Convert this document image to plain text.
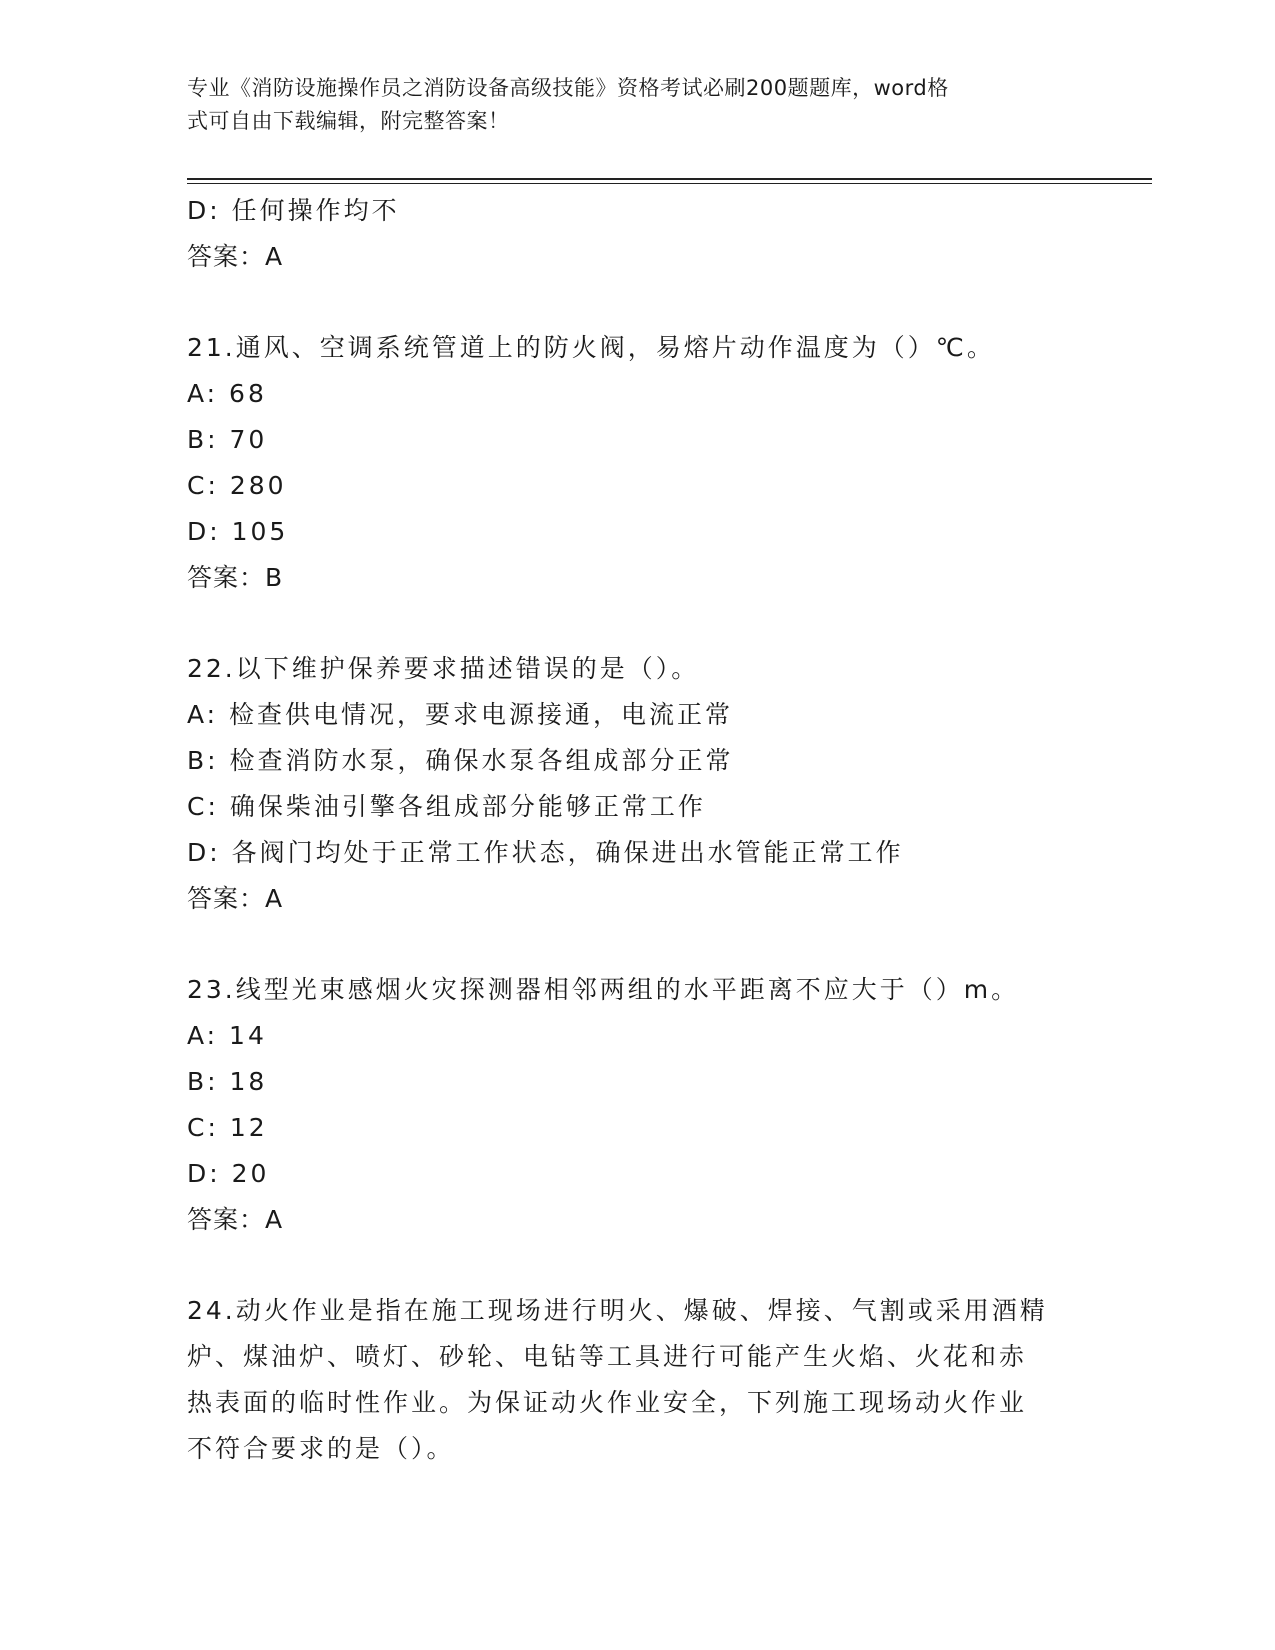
专业《消防设施操作员之消防设备高级技能》资格考试必刷200题题库，word格
式可自由下载编辑，附完整答案！
D: 任何操作均不
答案：A
21.通风、空调系统管道上的防火阀，易熔片动作温度为（）℃。
A: 68
B: 70
C: 280
D: 105
答案：B
22.以下维护保养要求描述错误的是（）。
A: 检查供电情况，要求电源接通，电流正常
B: 检查消防水泵，确保水泵各组成部分正常
C: 确保柴油引擎各组成部分能够正常工作
D: 各阀门均处于正常工作状态，确保进出水管能正常工作
答案：A
23.线型光束感烟火灾探测器相邻两组的水平距离不应大于（）m。
A: 14
B: 18
C: 12
D: 20
答案：A
24.动火作业是指在施工现场进行明火、爆破、焊接、气割或采用酒精
炉、煤油炉、喷灯、砂轮、电钻等工具进行可能产生火焰、火花和赤
热表面的临时性作业。为保证动火作业安全，下列施工现场动火作业
不符合要求的是（）。
